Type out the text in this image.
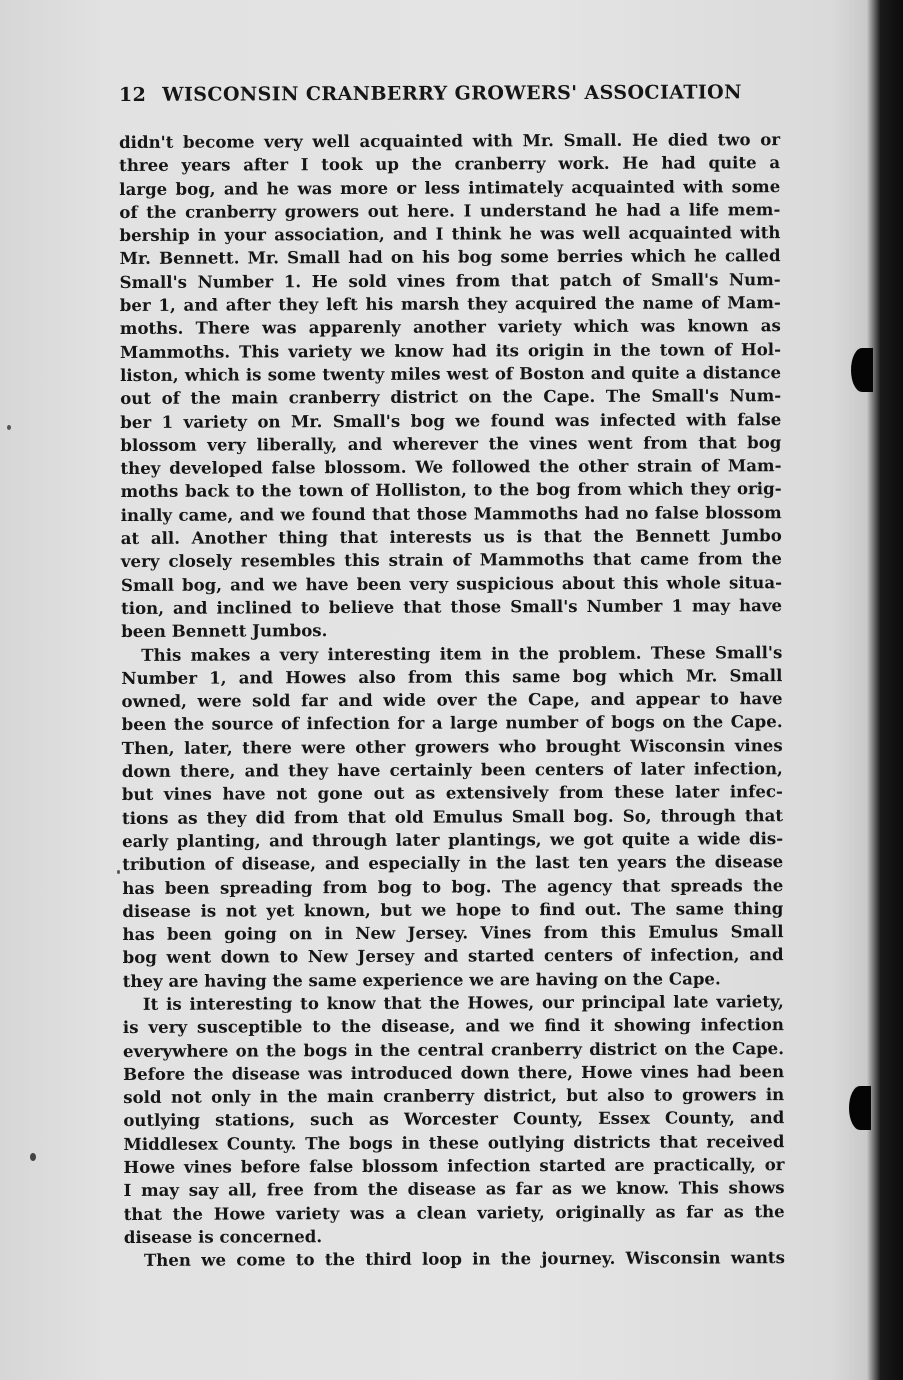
12 WISCONSIN CRANBERRY GROWERS' ASSOCIATION
didn't become very well acquainted with Mr. Small. He died two or
three years after I took up the cranberry work. He had quite a
large bog, and he was more or less intimately acquainted with some
of the cranberry growers out here. I understand he had a life mem-
bership in your association, and I think he was well acquainted with
Mr. Bennett. Mr. Small had on his bog some berries which he called
Small's Number 1. He sold vines from that patch of Small's Num-
ber 1, and after they left his marsh they acquired the name of Mam-
moths. There was apparenly another variety which was known as
Mammoths. This variety we know had its origin in the town of Hol-
liston, which is some twenty miles west of Boston and quite a distance
out of the main cranberry district on the Cape. The Small's Num-
ber 1 variety on Mr. Small's bog we found was infected with false
blossom very liberally, and wherever the vines went from that bog
they developed false blossom. We followed the other strain of Mam-
moths back to the town of Holliston, to the bog from which they orig-
inally came, and we found that those Mammoths had no false blossom
at all. Another thing that interests us is that the Bennett Jumbo
very closely resembles this strain of Mammoths that came from the
Small bog, and we have been very suspicious about this whole situa-
tion, and inclined to believe that those Small's Number 1 may have
been Bennett Jumbos.
This makes a very interesting item in the problem. These Small's
Number 1, and Howes also from this same bog which Mr. Small
owned, were sold far and wide over the Cape, and appear to have
been the source of infection for a large number of bogs on the Cape.
Then, later, there were other growers who brought Wisconsin vines
down there, and they have certainly been centers of later infection,
but vines have not gone out as extensively from these later infec-
tions as they did from that old Emulus Small bog. So, through that
early planting, and through later plantings, we got quite a wide dis-
tribution of disease, and especially in the last ten years the disease
has been spreading from bog to bog. The agency that spreads the
disease is not yet known, but we hope to find out. The same thing
has been going on in New Jersey. Vines from this Emulus Small
bog went down to New Jersey and started centers of infection, and
they are having the same experience we are having on the Cape.
It is interesting to know that the Howes, our principal late variety,
is very susceptible to the disease, and we find it showing infection
everywhere on the bogs in the central cranberry district on the Cape.
Before the disease was introduced down there, Howe vines had been
sold not only in the main cranberry district, but also to growers in
outlying stations, such as Worcester County, Essex County, and
Middlesex County. The bogs in these outlying districts that received
Howe vines before false blossom infection started are practically, or
I may say all, free from the disease as far as we know. This shows
that the Howe variety was a clean variety, originally as far as the
disease is concerned.
Then we come to the third loop in the journey. Wisconsin wants
